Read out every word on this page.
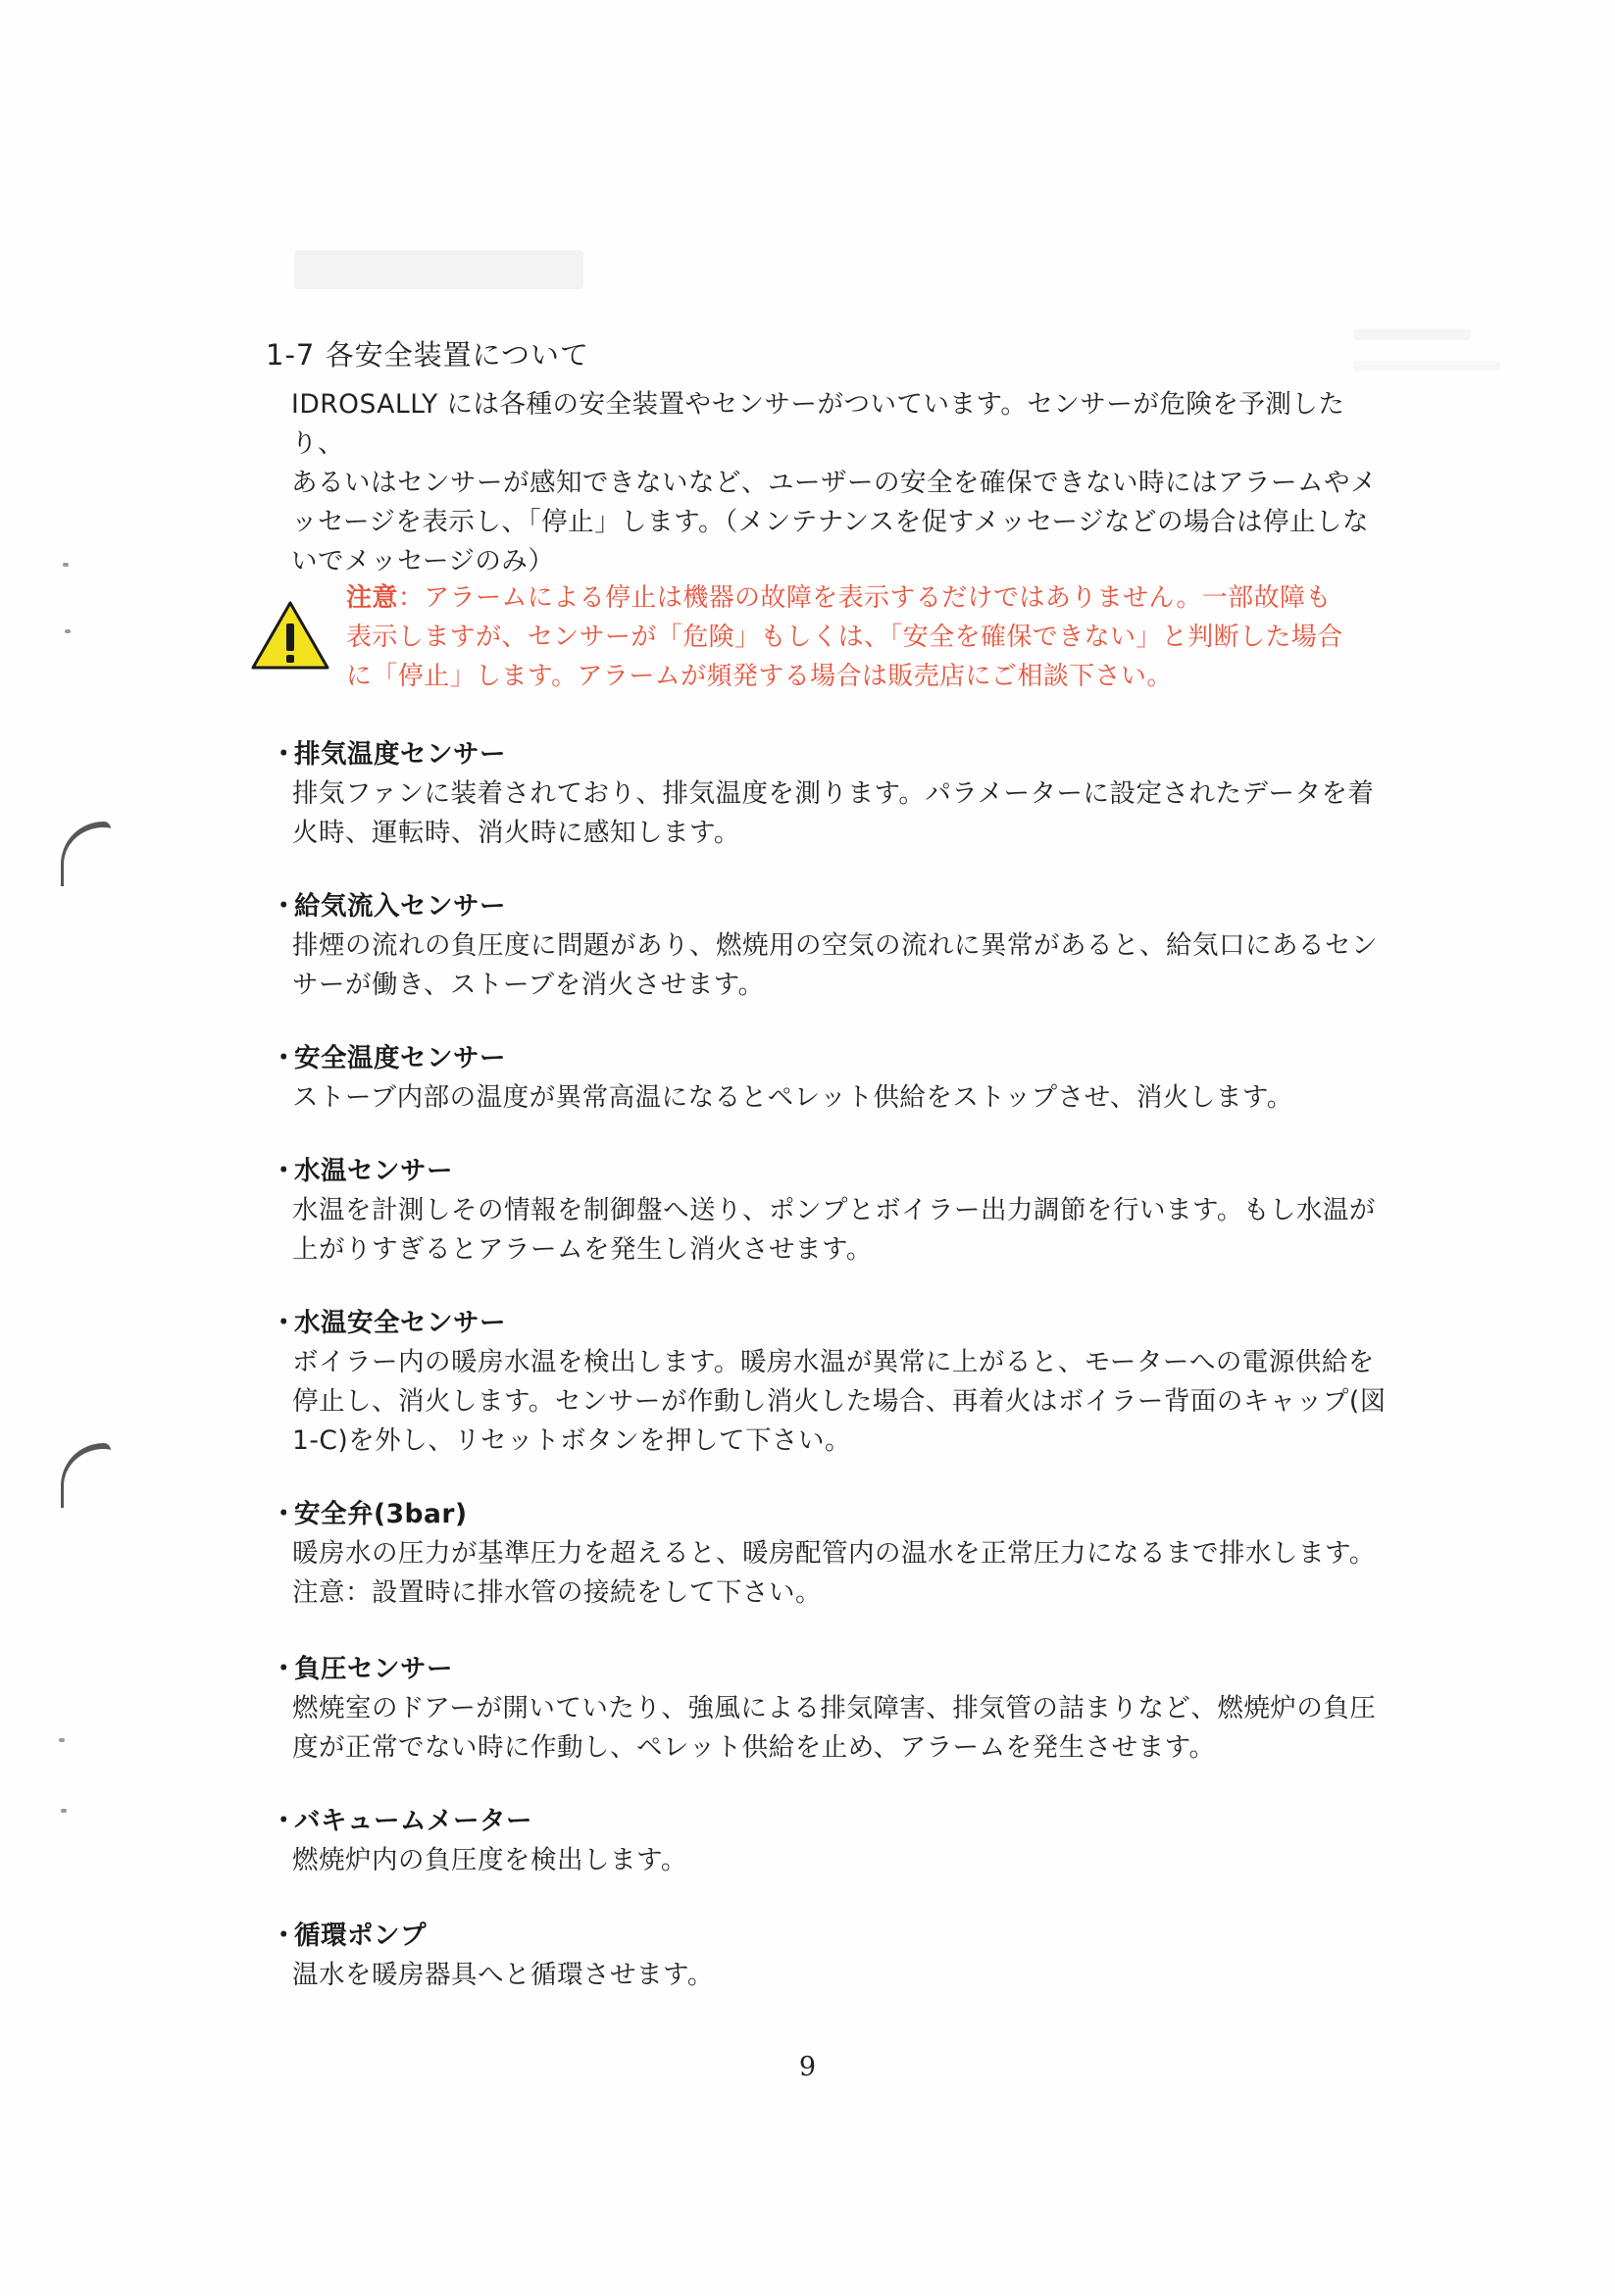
1-7 各安全装置について
IDROSALLY には各種の安全装置やセンサーがついています。センサーが危険を予測したり、
あるいはセンサーが感知できないなど、ユーザーの安全を確保できない時にはアラームやメ
ッセージを表示し、「停止」します。（メンテナンスを促すメッセージなどの場合は停止しな
いでメッセージのみ）
注意：アラームによる停止は機器の故障を表示するだけではありません。一部故障も
表示しますが、センサーが「危険」もしくは、「安全を確保できない」と判断した場合
に「停止」します。アラームが頻発する場合は販売店にご相談下さい。
・排気温度センサー
排気ファンに装着されており、排気温度を測ります。パラメーターに設定されたデータを着
火時、運転時、消火時に感知します。
・給気流入センサー
排煙の流れの負圧度に問題があり、燃焼用の空気の流れに異常があると、給気口にあるセン
サーが働き、ストーブを消火させます。
・安全温度センサー
ストーブ内部の温度が異常高温になるとペレット供給をストップさせ、消火します。
・水温センサー
水温を計測しその情報を制御盤へ送り、ポンプとボイラー出力調節を行います。もし水温が
上がりすぎるとアラームを発生し消火させます。
・水温安全センサー
ボイラー内の暖房水温を検出します。暖房水温が異常に上がると、モーターへの電源供給を
停止し、消火します。センサーが作動し消火した場合、再着火はボイラー背面のキャップ(図
1-C)を外し、リセットボタンを押して下さい。
・安全弁(3bar)
暖房水の圧力が基準圧力を超えると、暖房配管内の温水を正常圧力になるまで排水します。
注意：設置時に排水管の接続をして下さい。
・負圧センサー
燃焼室のドアーが開いていたり、強風による排気障害、排気管の詰まりなど、燃焼炉の負圧
度が正常でない時に作動し、ペレット供給を止め、アラームを発生させます。
・バキュームメーター
燃焼炉内の負圧度を検出します。
・循環ポンプ
温水を暖房器具へと循環させます。
9
